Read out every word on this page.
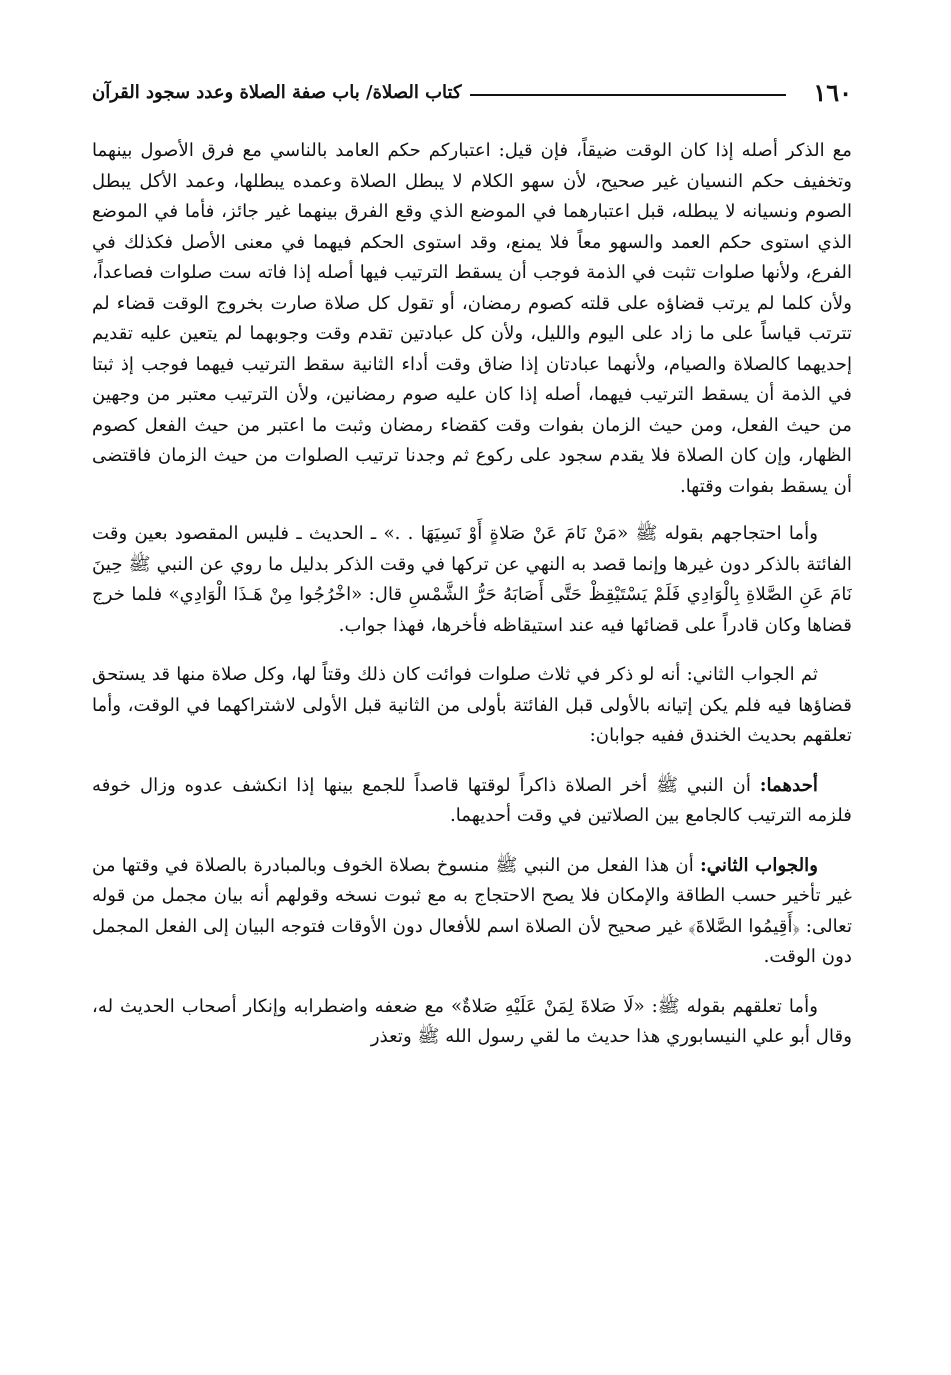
١٦٠
كتاب الصلاة/ باب صفة الصلاة وعدد سجود القرآن

مع الذكر أصله إذا كان الوقت ضيقاً، فإن قيل: اعتباركم حكم العامد بالناسي مع فرق الأصول بينهما وتخفيف حكم النسيان غير صحيح، لأن سهو الكلام لا يبطل الصلاة وعمده يبطلها، وعمد الأكل يبطل الصوم ونسيانه لا يبطله، قبل اعتبارهما في الموضع الذي وقع الفرق بينهما غير جائز، فأما في الموضع الذي استوى حكم العمد والسهو معاً فلا يمنع، وقد استوى الحكم فيهما في معنى الأصل فكذلك في الفرع، ولأنها صلوات تثبت في الذمة فوجب أن يسقط الترتيب فيها أصله إذا فاته ست صلوات فصاعداً، ولأن كلما لم يرتب قضاؤه على قلته كصوم رمضان، أو تقول كل صلاة صارت بخروج الوقت قضاء لم تترتب قياساً على ما زاد على اليوم والليل، ولأن كل عبادتين تقدم وقت وجوبهما لم يتعين عليه تقديم إحديهما كالصلاة والصيام، ولأنهما عبادتان إذا ضاق وقت أداء الثانية سقط الترتيب فيهما فوجب إذ ثبتا في الذمة أن يسقط الترتيب فيهما، أصله إذا كان عليه صوم رمضانين، ولأن الترتيب معتبر من وجهين من حيث الفعل، ومن حيث الزمان بفوات وقت كقضاء رمضان وثبت ما اعتبر من حيث الفعل كصوم الظهار، وإن كان الصلاة فلا يقدم سجود على ركوع ثم وجدنا ترتيب الصلوات من حيث الزمان فاقتضى أن يسقط بفوات وقتها.

وأما احتجاجهم بقوله ﷺ «مَنْ نَامَ عَنْ صَلاةٍ أَوْ نَسِيَهَا . .» ـ الحديث ـ فليس المقصود بعين وقت الفائتة بالذكر دون غيرها وإنما قصد به النهي عن تركها في وقت الذكر بدليل ما روي عن النبي ﷺ حِينَ نَامَ عَنِ الصَّلاةِ بِالْوَادِي فَلَمْ يَسْتَيْقِظْ حَتَّى أَصَابَهُ حَرُّ الشَّمْسِ قال: «اخْرُجُوا مِنْ هَـذَا الْوَادِي» فلما خرج قضاها وكان قادراً على قضائها فيه عند استيقاظه فأخرها، فهذا جواب.

ثم الجواب الثاني: أنه لو ذكر في ثلاث صلوات فوائت كان ذلك وقتاً لها، وكل صلاة منها قد يستحق قضاؤها فيه فلم يكن إتيانه بالأولى قبل الفائتة بأولى من الثانية قبل الأولى لاشتراكهما في الوقت، وأما تعلقهم بحديث الخندق ففيه جوابان:

أحدهما: أن النبي ﷺ أخر الصلاة ذاكراً لوقتها قاصداً للجمع بينها إذا انكشف عدوه وزال خوفه فلزمه الترتيب كالجامع بين الصلاتين في وقت أحديهما.

والجواب الثاني: أن هذا الفعل من النبي ﷺ منسوخ بصلاة الخوف وبالمبادرة بالصلاة في وقتها من غير تأخير حسب الطاقة والإمكان فلا يصح الاحتجاج به مع ثبوت نسخه وقولهم أنه بيان مجمل من قوله تعالى: ﴿أَقِيمُوا الصَّلاةَ﴾ غير صحيح لأن الصلاة اسم للأفعال دون الأوقات فتوجه البيان إلى الفعل المجمل دون الوقت.

وأما تعلقهم بقوله ﷺ: «لَا صَلاةَ لِمَنْ عَلَيْهِ صَلاةٌ» مع ضعفه واضطرابه وإنكار أصحاب الحديث له، وقال أبو علي النيسابوري هذا حديث ما لقي رسول الله ﷺ وتعذر
